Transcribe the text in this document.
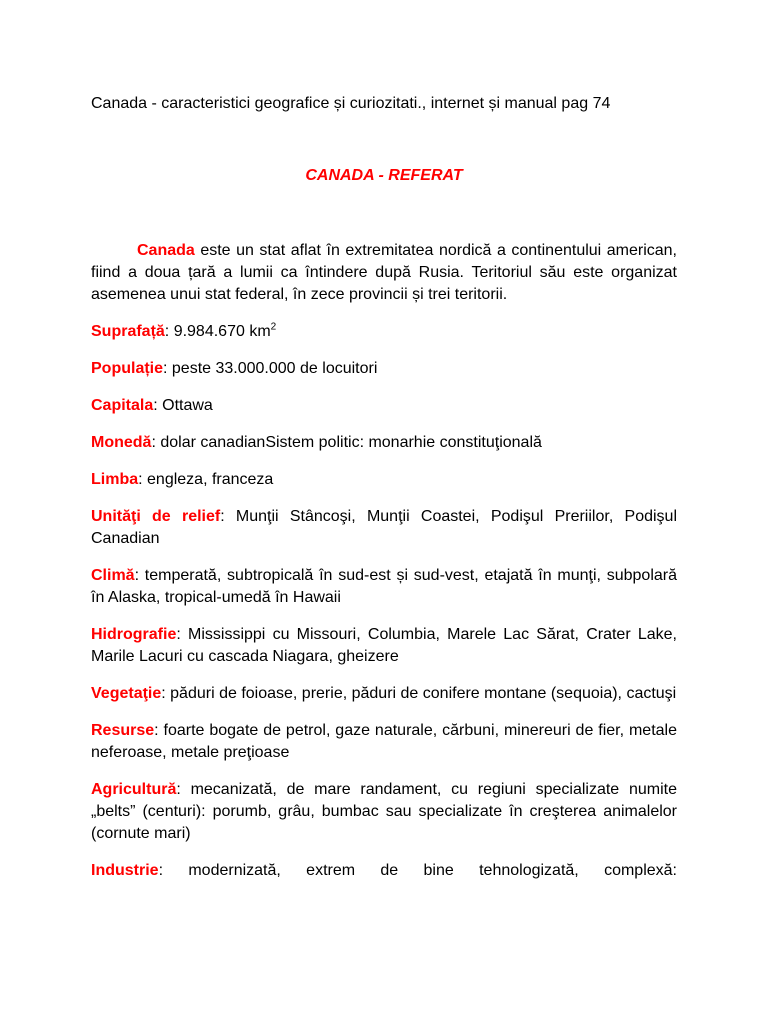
Canada - caracteristici geografice și curiozitati., internet și manual pag 74
CANADA - REFERAT

Canada este un stat aflat în extremitatea nordică a continentului american, fiind a doua țară a lumii ca întindere după Rusia. Teritoriul său este organizat asemenea unui stat federal, în zece provincii și trei teritorii.

Suprafață: 9.984.670 $km^2$

Populație: peste 33.000.000 de locuitori

Capitala: Ottawa

Monedă: dolar canadianSistem politic: monarhie constituţională

Limba: engleza, franceza

Unităţi de relief: Munţii Stâncoşi, Munţii Coastei, Podişul Preriilor, Podişul Canadian

Climă: temperată, subtropicală în sud-est și sud-vest, etajată în munţi, subpolară în Alaska, tropical-umedă în Hawaii

Hidrografie: Mississippi cu Missouri, Columbia, Marele Lac Sărat, Crater Lake, Marile Lacuri cu cascada Niagara, gheizere

Vegetaţie: păduri de foioase, prerie, păduri de conifere montane (sequoia), cactuşi

Resurse: foarte bogate de petrol, gaze naturale, cărbuni, minereuri de fier, metale neferoase, metale preţioase

Agricultură: mecanizată, de mare randament, cu regiuni specializate numite „belts” (centuri): porumb, grâu, bumbac sau specializate în creşterea animalelor (cornute mari)

Industrie: modernizată, extrem de bine tehnologizată, complexă:
